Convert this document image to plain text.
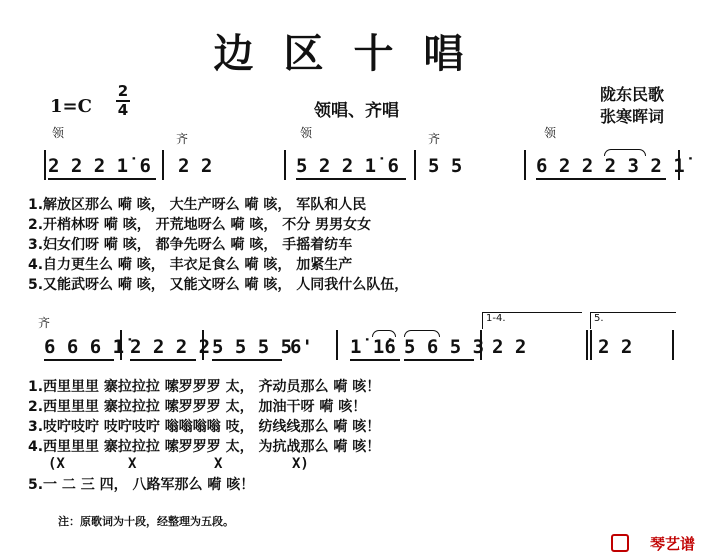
边区十唱
1=C
2
4	领唱、齐唱
陇东民歌
张寒晖词
领	齐	领	齐	领
2 2 2 1̇ 6 2 2	5 2 2 1̇ 6 5 5	6 2 2 2 3 2 1̇
1.解放区那么 嗬 咳， 大生产呀么 嗬 咳， 军队和人民
2.开梢林呀 嗬 咳， 开荒地呀么 嗬 咳， 不分 男男女女
3.妇女们呀 嗬 咳， 都争先呀么 嗬 咳， 手摇着纺车
4.自力更生么 嗬 咳， 丰衣足食么 嗬 咳， 加紧生产
5.又能武呀么 嗬 咳， 又能文呀么 嗬 咳， 人同我什么队伍，
齐	1-4.	5.
6 6 6 1̇ 2 2 2 2 5 5 5 5
6' 1̇ 1̇6 5 6 5 3 2 2	2 2
1.西里里里 寨拉拉拉 嗦罗罗罗 太， 齐动员那么 嗬 咳！
2.西里里里 寨拉拉拉 嗦罗罗罗 太， 加油干呀 嗬 咳！
3.吱咛吱咛 吱咛吱咛 嗡嗡嗡嗡 吱， 纺线线那么 嗬 咳！
4.西里里里 寨拉拉拉 嗦罗罗罗 太， 为抗战那么 嗬 咳！
(X	X	X	X)
5.一 二 三 四， 八路军那么 嗬 咳！
注：原歌词为十段，经整理为五段。
琴艺谱
